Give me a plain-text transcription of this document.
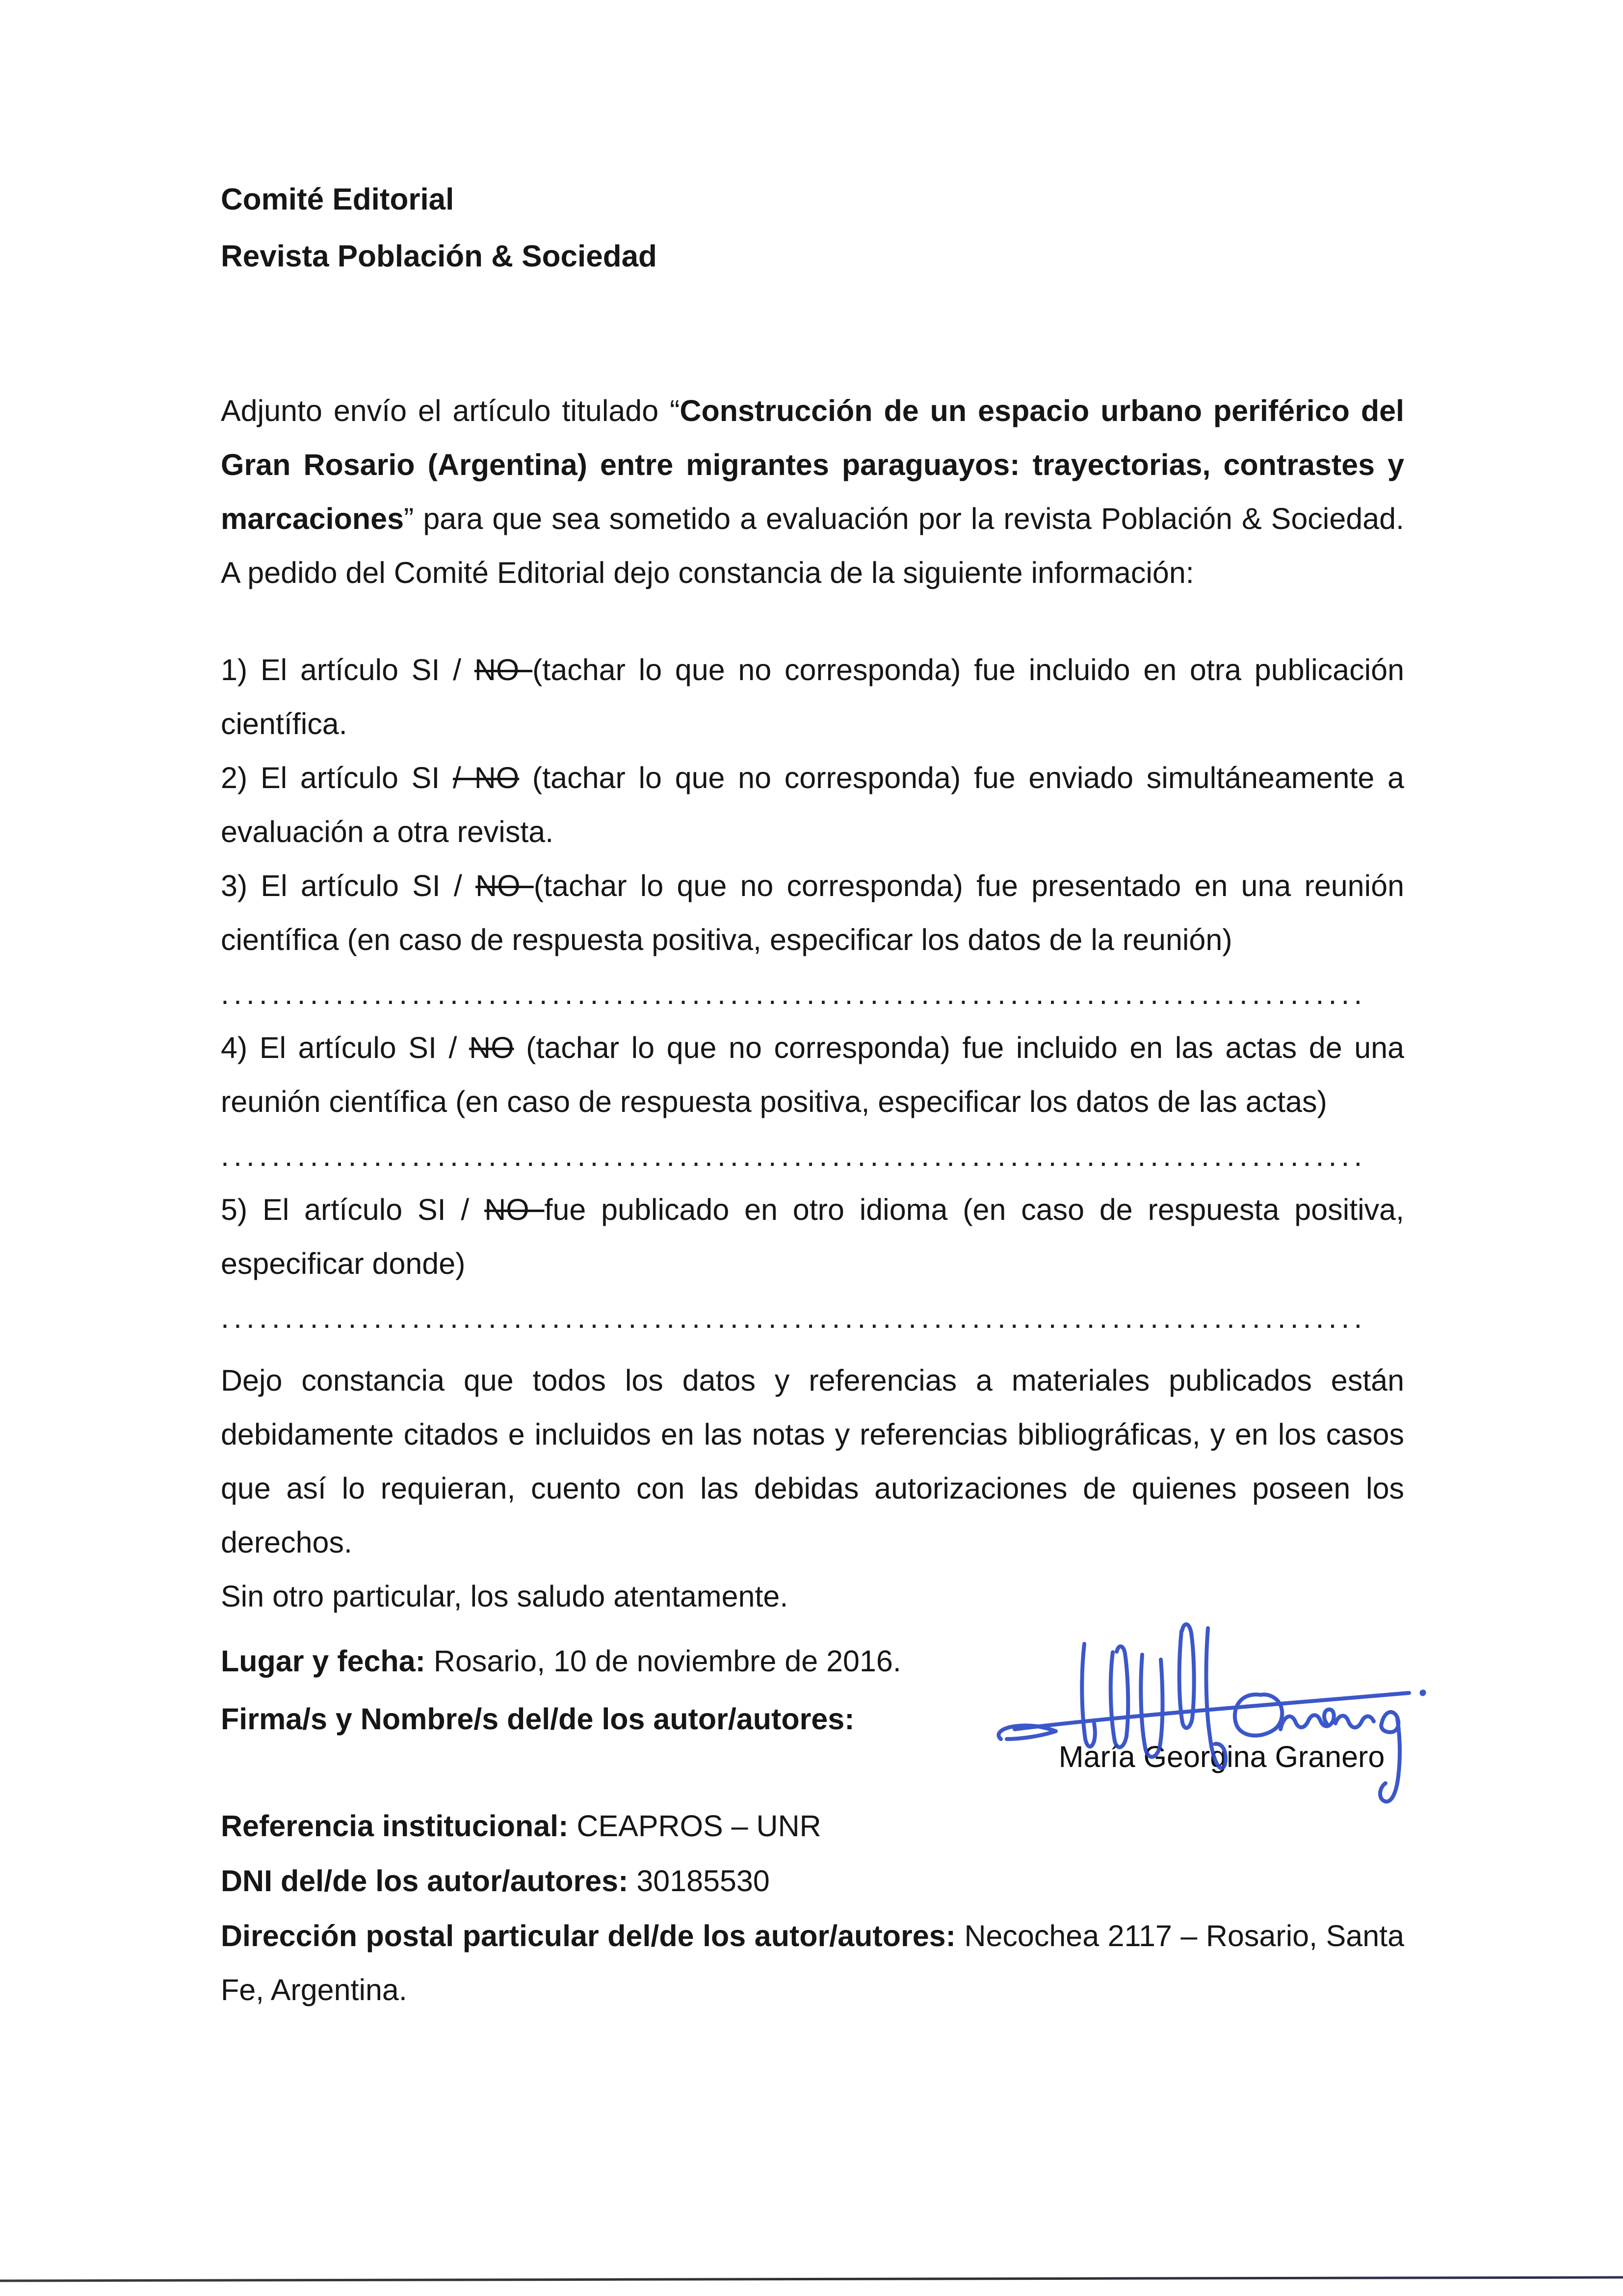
Comité Editorial

Revista Población & Sociedad

Adjunto envío el artículo titulado “Construcción de un espacio urbano periférico del Gran Rosario (Argentina) entre migrantes paraguayos: trayectorias, contrastes y marcaciones” para que sea sometido a evaluación por la revista Población & Sociedad. A pedido del Comité Editorial dejo constancia de la siguiente información:

1) El artículo SI / NO (tachar lo que no corresponda) fue incluido en otra publicación científica.

2) El artículo SI / NO (tachar lo que no corresponda) fue enviado simultáneamente a evaluación a otra revista.

3) El artículo SI / NO (tachar lo que no corresponda) fue presentado en una reunión científica (en caso de respuesta positiva, especificar los datos de la reunión)

..........................................................................................

4) El artículo SI / NO (tachar lo que no corresponda) fue incluido en las actas de una reunión científica (en caso de respuesta positiva, especificar los datos de las actas)

..........................................................................................

5) El artículo SI / NO fue publicado en otro idioma (en caso de respuesta positiva, especificar donde)

..........................................................................................

Dejo constancia que todos los datos y referencias a materiales publicados están debidamente citados e incluidos en las notas y referencias bibliográficas, y en los casos que así lo requieran, cuento con las debidas autorizaciones de quienes poseen los derechos.

Sin otro particular, los saludo atentamente.

Lugar y fecha: Rosario, 10 de noviembre de 2016.

Firma/s y Nombre/s del/de los autor/autores:

María Georgina Granero

Referencia institucional: CEAPROS – UNR

DNI del/de los autor/autores: 30185530

Dirección postal particular del/de los autor/autores: Necochea 2117 – Rosario, Santa Fe, Argentina.
